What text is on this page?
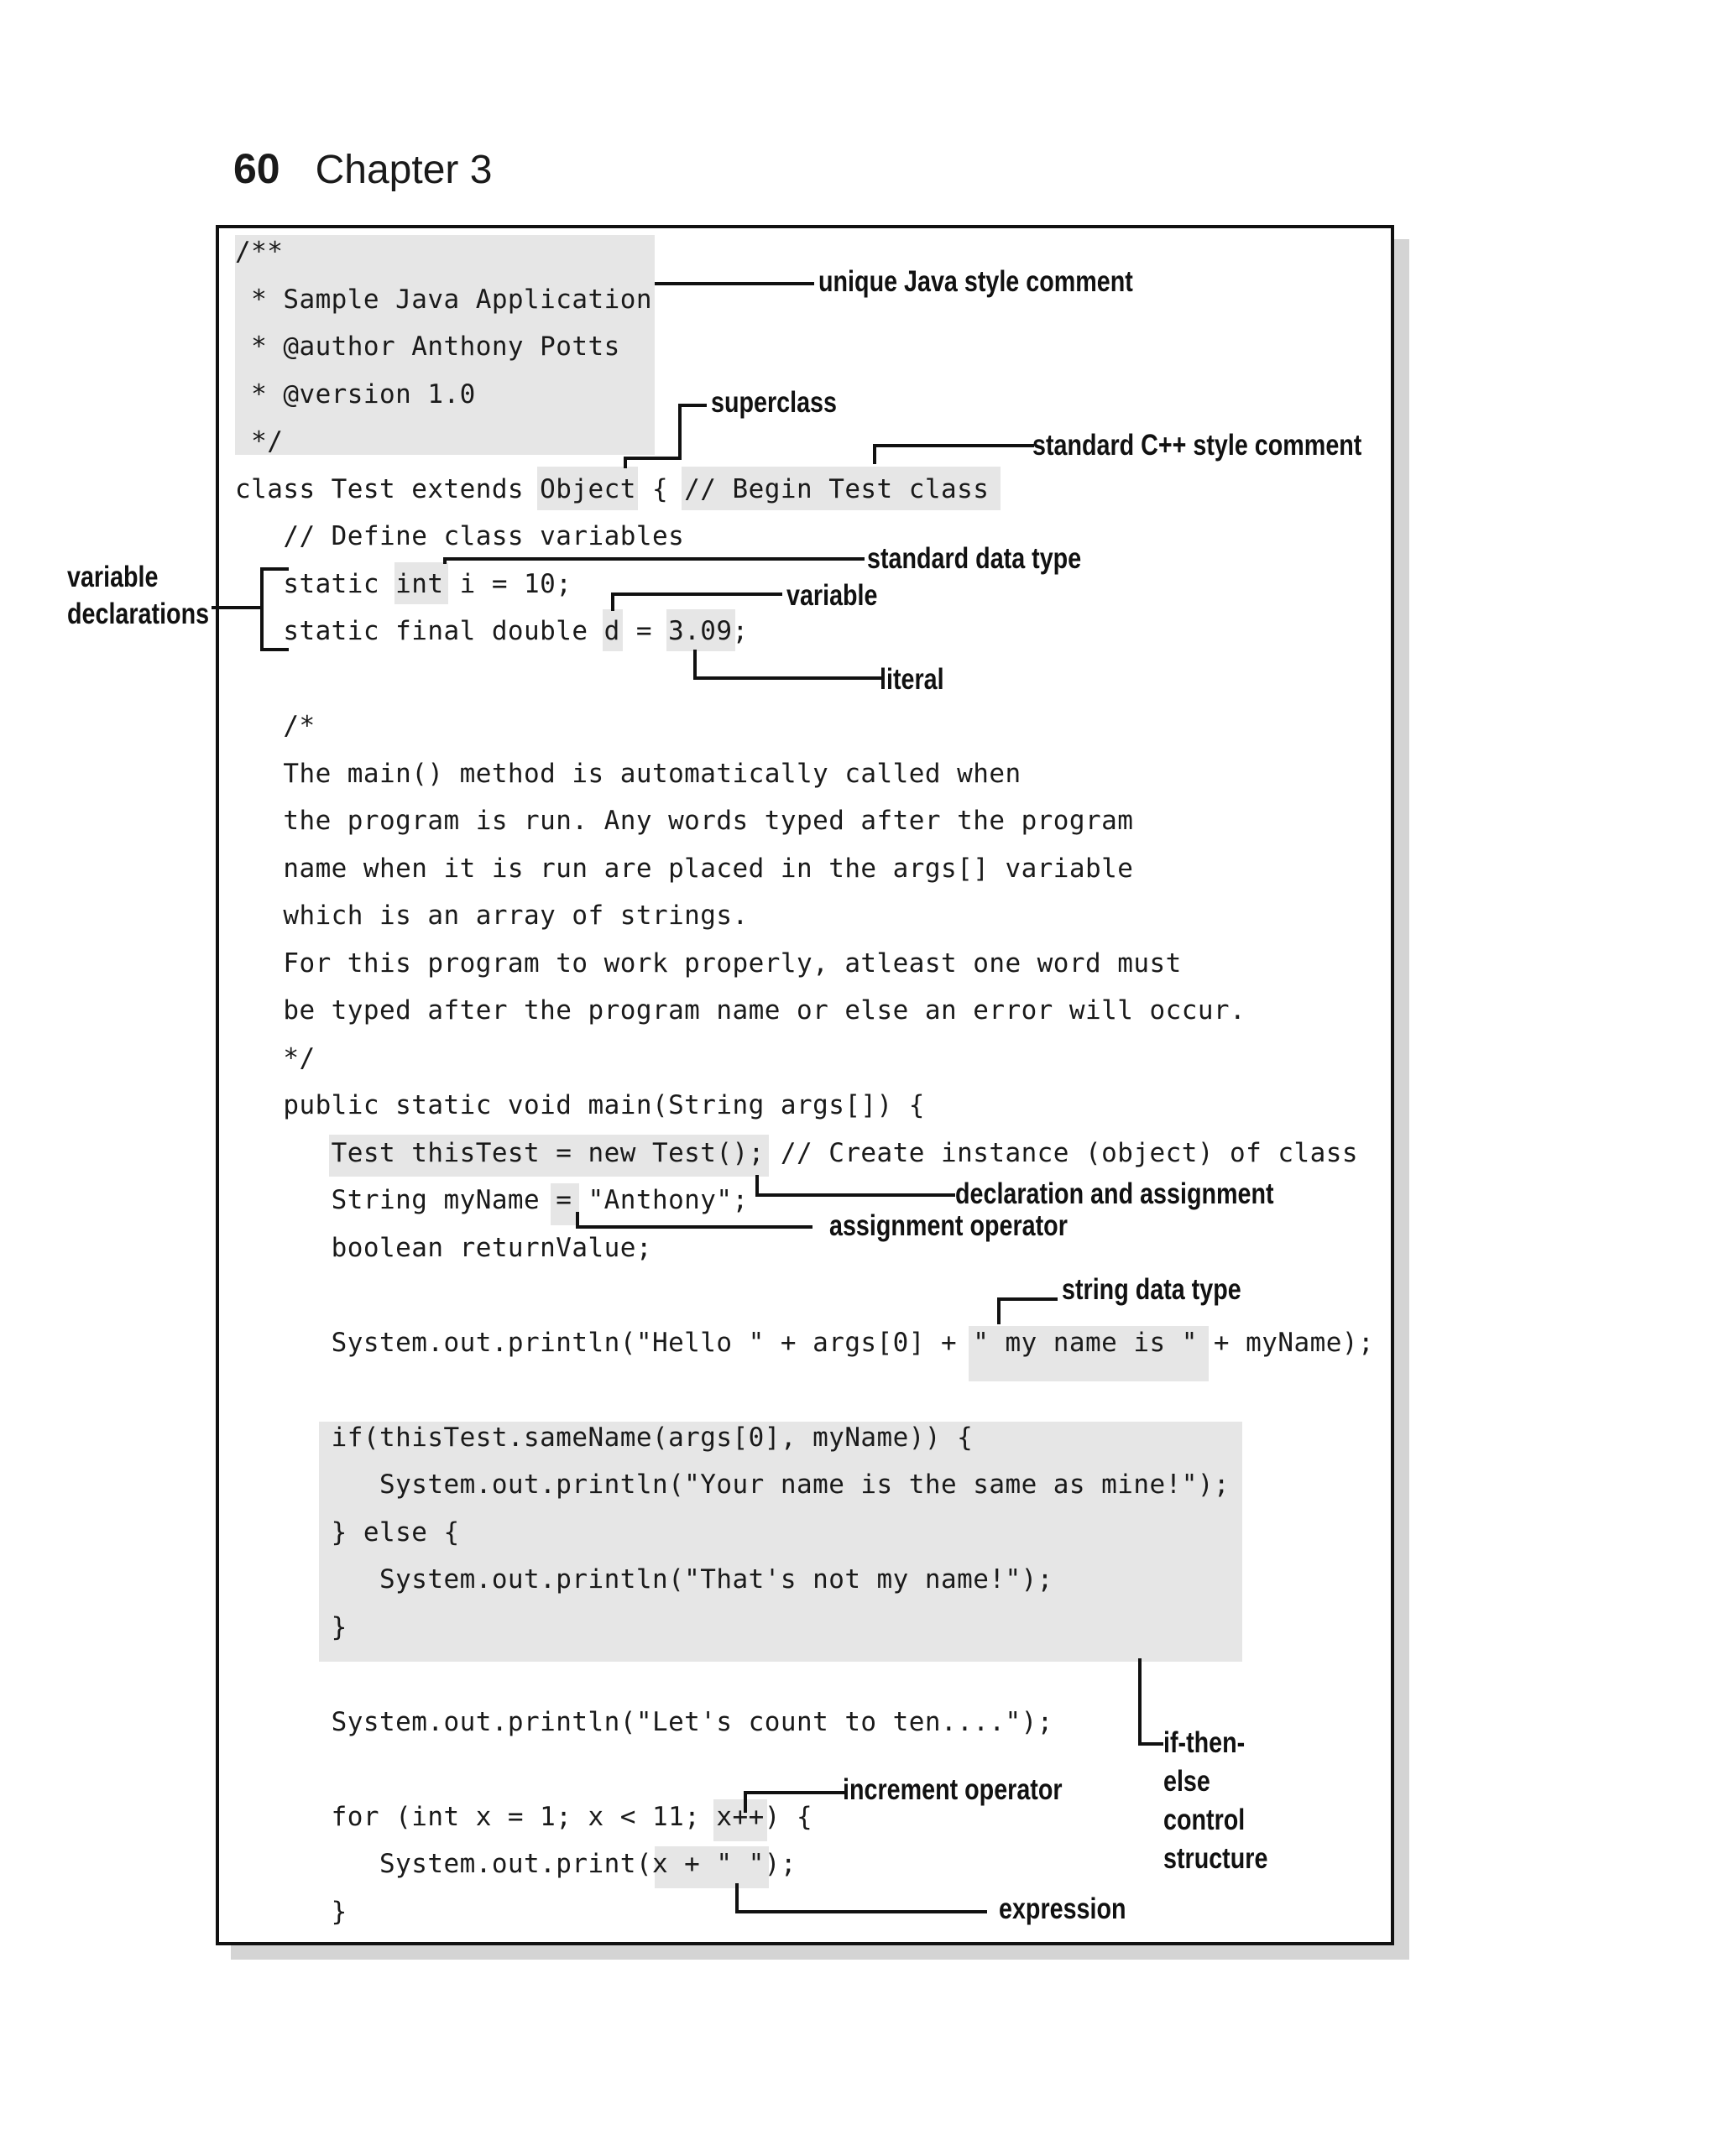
60 Chapter 3
/**
* Sample Java Application
* @author Anthony Potts
* @version 1.0
*/
class Test extends Object { // Begin Test class
// Define class variables
static int i = 10;
static final double d = 3.09;
/*
The main() method is automatically called when
the program is run. Any words typed after the program
name when it is run are placed in the args[] variable
which is an array of strings.
For this program to work properly, atleast one word must
be typed after the program name or else an error will occur.
*/
public static void main(String args[]) {
Test thisTest = new Test(); // Create instance (object) of class
String myName = "Anthony";
boolean returnValue;
System.out.println("Hello " + args[0] + " my name is " + myName);
if(thisTest.sameName(args[0], myName)) {
System.out.println("Your name is the same as mine!");
} else {
System.out.println("That's not my name!");
}
System.out.println("Let's count to ten....");
for (int x = 1; x < 11; x++) {
System.out.print(x + " ");
}
unique Java style comment
superclass
standard C++ style comment
standard data type
variable
variable declarations
literal
declaration and assignment
assignment operator
string data type
if-then-else control structure
increment operator
expression
